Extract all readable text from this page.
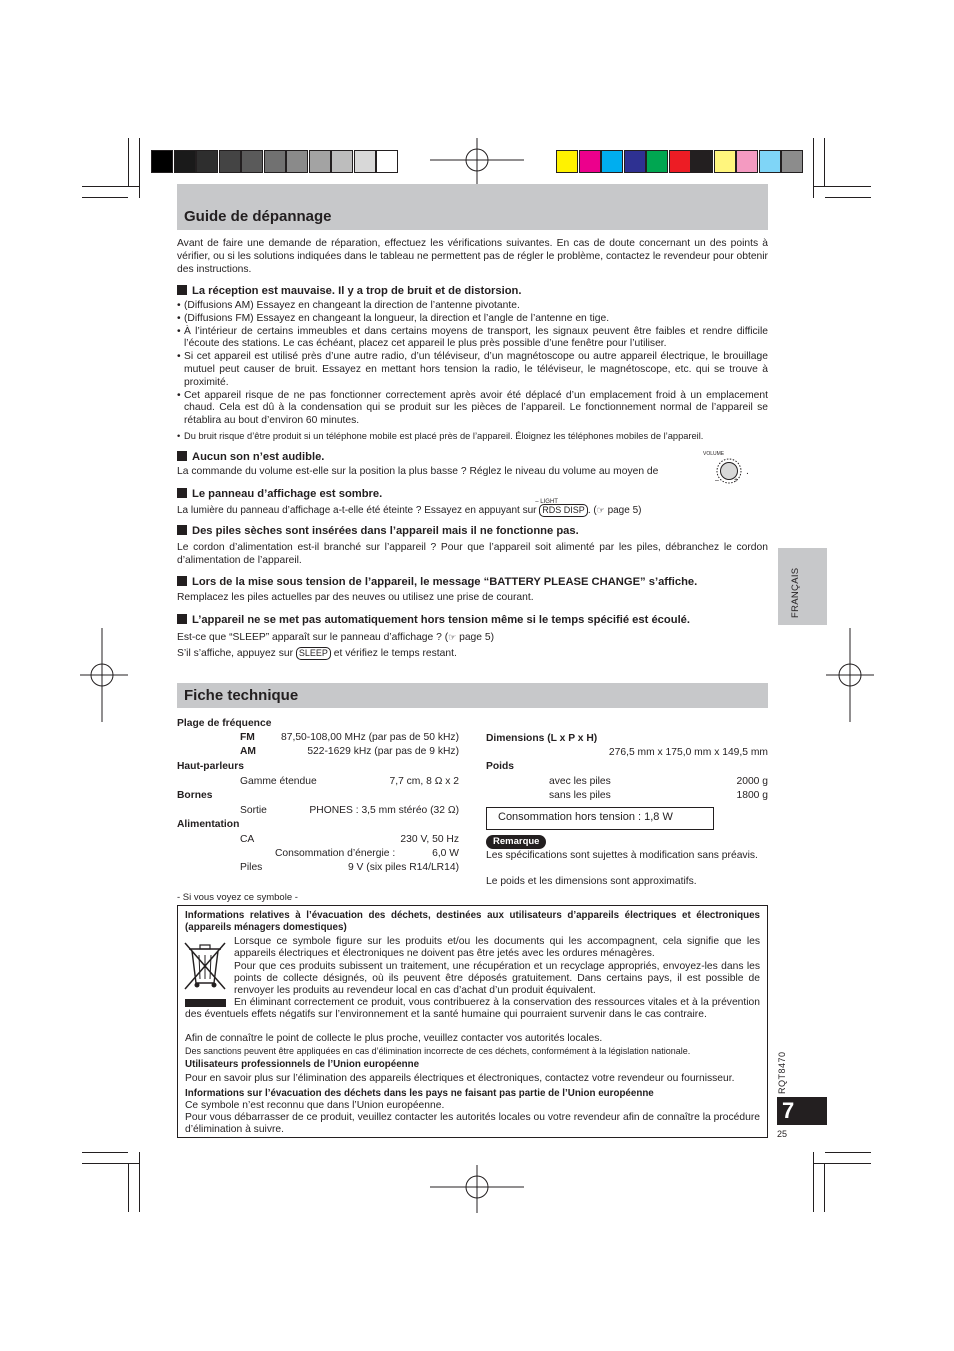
Guide de dépannage
Avant de faire une demande de réparation, effectuez les vérifications suivantes. En cas de doute concernant un des points à vérifier, ou si les solutions indiquées dans le tableau ne permettent pas de régler le problème, contactez le revendeur pour obtenir des instructions.
La réception est mauvaise. Il y a trop de bruit et de distorsion.
• (Diffusions AM) Essayez en changeant la direction de l’antenne pivotante.
• (Diffusions FM) Essayez en changeant la longueur, la direction et l’angle de l’antenne en tige.
• À l’intérieur de certains immeubles et dans certains moyens de transport, les signaux peuvent être faibles et rendre difficile l’écoute des stations. Le cas échéant, placez cet appareil le plus près possible d’une fenêtre pour l’utiliser.
• Si cet appareil est utilisé près d’une autre radio, d’un téléviseur, d’un magnétoscope ou autre appareil électrique, le brouillage mutuel peut causer de bruit. Essayez en mettant hors tension la radio, le téléviseur, le magnétoscope, etc. qui se trouve à proximité.
• Cet appareil risque de ne pas fonctionner correctement après avoir été déplacé d’un emplacement froid à un emplacement chaud. Cela est dû à la condensation qui se produit sur les pièces de l’appareil. Le fonctionnement normal de l’appareil se rétablira au bout d’environ 60 minutes.
• Du bruit risque d’être produit si un téléphone mobile est placé près de l’appareil. Éloignez les téléphones mobiles de l’appareil.
Aucun son n’est audible.
La commande du volume est-elle sur la position la plus basse ? Réglez le niveau du volume au moyen de
VOLUME
– +
.
Le panneau d’affichage est sombre.
La lumière du panneau d’affichage a-t-elle été éteinte ? Essayez en appuyant sur
– LIGHT
RDS DISP . (☞ page 5)
Des piles sèches sont insérées dans l’appareil mais il ne fonctionne pas.
Le cordon d’alimentation est-il branché sur l’appareil ? Pour que l’appareil soit alimenté par les piles, débranchez le cordon d’alimentation de l’appareil.
Lors de la mise sous tension de l’appareil, le message “BATTERY PLEASE CHANGE” s’affiche.
Remplacez les piles actuelles par des neuves ou utilisez une prise de courant.
L’appareil ne se met pas automatiquement hors tension même si le temps spécifié est écoulé.
Est-ce que “SLEEP” apparaît sur le panneau d’affichage ? (☞ page 5)
S’il s’affiche, appuyez sur SLEEP et vérifiez le temps restant.
FRANÇAIS
Fiche technique
Plage de fréquence
FM	87,50-108,00 MHz (par pas de 50 kHz)
AM	522-1629 kHz (par pas de 9 kHz)
Haut-parleurs
Gamme étendue	7,7 cm, 8 Ω x 2
Bornes
Sortie	PHONES : 3,5 mm stéréo (32 Ω)
Alimentation
CA	230 V, 50 Hz
Consommation d’énergie :	6,0 W
Piles	9 V (six piles R14/LR14)
Dimensions (L x P x H)
276,5 mm x 175,0 mm x 149,5 mm
Poids
avec les piles	2000 g
sans les piles	1800 g
Consommation hors tension : 1,8 W
Remarque
Les spécifications sont sujettes à modification sans préavis.
Le poids et les dimensions sont approximatifs.
- Si vous voyez ce symbole -
Informations relatives à l’évacuation des déchets, destinées aux utilisateurs d’appareils électriques et électroniques (appareils ménagers domestiques)
Lorsque ce symbole figure sur les produits et/ou les documents qui les accompagnent, cela signifie que les appareils électriques et électroniques ne doivent pas être jetés avec les ordures ménagères.
Pour que ces produits subissent un traitement, une récupération et un recyclage appropriés, envoyez-les dans les points de collecte désignés, où ils peuvent être déposés gratuitement. Dans certains pays, il est possible de renvoyer les produits au revendeur local en cas d’achat d’un produit équivalent.
En éliminant correctement ce produit, vous contribuerez à la conservation des ressources vitales et à la prévention des éventuels effets négatifs sur l’environnement et la santé humaine qui pourraient survenir dans le cas contraire.
Afin de connaître le point de collecte le plus proche, veuillez contacter vos autorités locales.
Des sanctions peuvent être appliquées en cas d’élimination incorrecte de ces déchets, conformément à la législation nationale.
Utilisateurs professionnels de l’Union européenne
Pour en savoir plus sur l’élimination des appareils électriques et électroniques, contactez votre revendeur ou fournisseur.
Informations sur l’évacuation des déchets dans les pays ne faisant pas partie de l’Union européenne
Ce symbole n’est reconnu que dans l’Union européenne.
Pour vous débarrasser de ce produit, veuillez contacter les autorités locales ou votre revendeur afin de connaître la procédure d’élimination à suivre.
RQT8470
7
25
